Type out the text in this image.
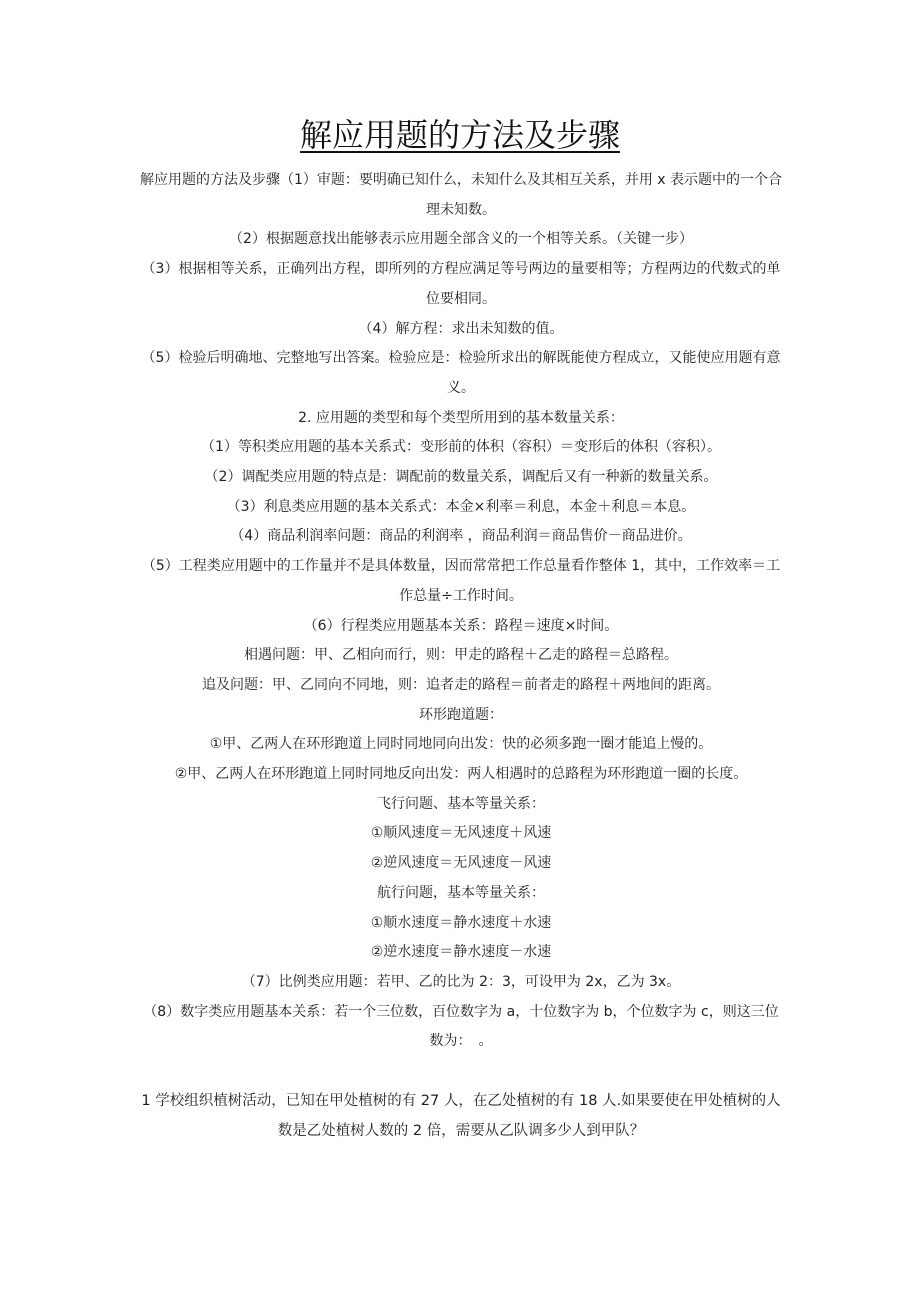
解应用题的方法及步骤

解应用题的方法及步骤（1）审题：要明确已知什么，未知什么及其相互关系，并用 x 表示题中的一个合理未知数。

（2）根据题意找出能够表示应用题全部含义的一个相等关系。（关键一步）

（3）根据相等关系，正确列出方程，即所列的方程应满足等号两边的量要相等；方程两边的代数式的单位要相同。

（4）解方程：求出未知数的值。

（5）检验后明确地、完整地写出答案。检验应是：检验所求出的解既能使方程成立，又能使应用题有意义。

2. 应用题的类型和每个类型所用到的基本数量关系：

（1）等积类应用题的基本关系式：变形前的体积（容积）＝变形后的体积（容积）。

（2）调配类应用题的特点是：调配前的数量关系，调配后又有一种新的数量关系。

（3）利息类应用题的基本关系式：本金×利率＝利息，本金＋利息＝本息。

（4）商品利润率问题：商品的利润率 ，商品利润＝商品售价－商品进价。

（5）工程类应用题中的工作量并不是具体数量，因而常常把工作总量看作整体 1，其中，工作效率＝工作总量÷工作时间。

（6）行程类应用题基本关系：路程＝速度×时间。

相遇问题：甲、乙相向而行，则：甲走的路程＋乙走的路程＝总路程。

追及问题：甲、乙同向不同地，则：追者走的路程＝前者走的路程＋两地间的距离。

环形跑道题：

①甲、乙两人在环形跑道上同时同地同向出发：快的必须多跑一圈才能追上慢的。

②甲、乙两人在环形跑道上同时同地反向出发：两人相遇时的总路程为环形跑道一圈的长度。

飞行问题、基本等量关系：

①顺风速度＝无风速度＋风速

②逆风速度＝无风速度－风速

航行问题，基本等量关系：

①顺水速度＝静水速度＋水速

②逆水速度＝静水速度－水速

（7）比例类应用题：若甲、乙的比为 2：3，可设甲为 2x，乙为 3x。

（8）数字类应用题基本关系：若一个三位数，百位数字为 a，十位数字为 b，个位数字为 c，则这三位数为：　。

1 学校组织植树活动，已知在甲处植树的有 27 人，在乙处植树的有 18 人.如果要使在甲处植树的人数是乙处植树人数的 2 倍，需要从乙队调多少人到甲队？
